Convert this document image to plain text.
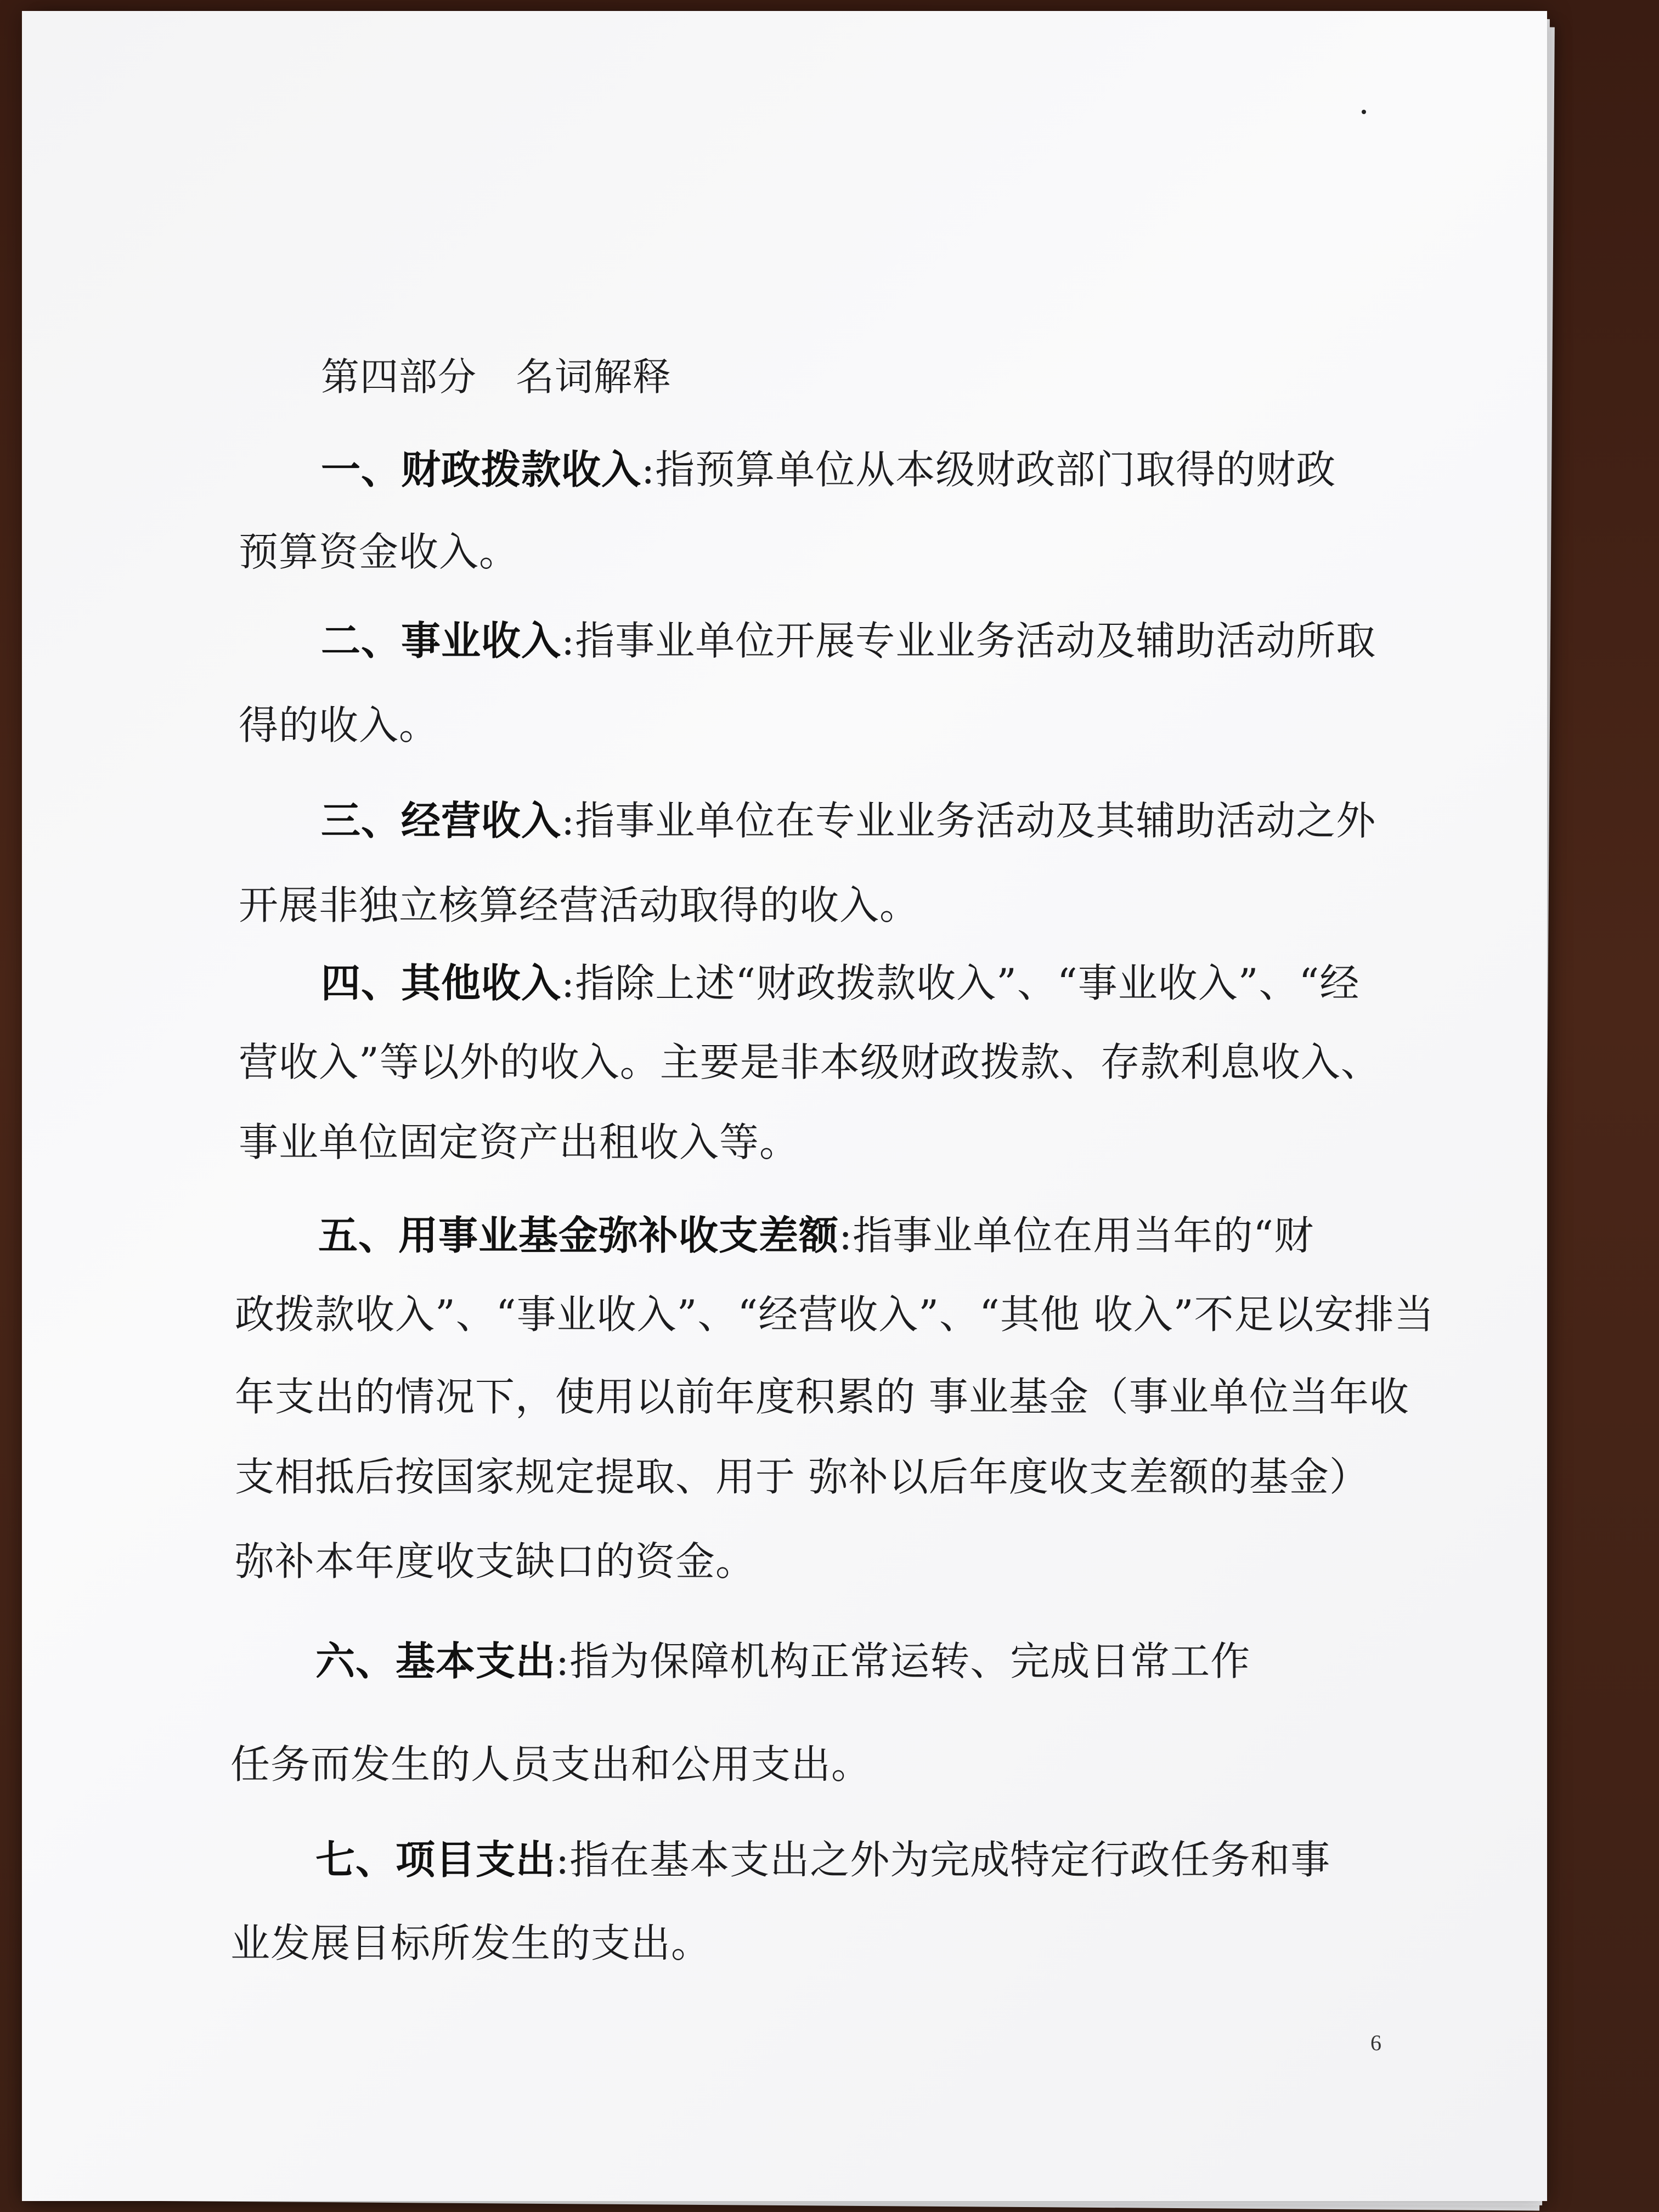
第四部分　名词解释
一、财政拨款收入:指预算单位从本级财政部门取得的财政
预算资金收入。
二、事业收入:指事业单位开展专业业务活动及辅助活动所取
得的收入。
三、经营收入:指事业单位在专业业务活动及其辅助活动之外
开展非独立核算经营活动取得的收入。
四、其他收入:指除上述“财政拨款收入”、“事业收入”、“经
营收入”等以外的收入。主要是非本级财政拨款、存款利息收入、
事业单位固定资产出租收入等。
五、用事业基金弥补收支差额:指事业单位在用当年的“财
政拨款收入”、“事业收入”、“经营收入”、“其他 收入”不足以安排当
年支出的情况下，使用以前年度积累的 事业基金（事业单位当年收
支相抵后按国家规定提取、用于 弥补以后年度收支差额的基金）
弥补本年度收支缺口的资金。
六、基本支出:指为保障机构正常运转、完成日常工作
任务而发生的人员支出和公用支出。
七、项目支出:指在基本支出之外为完成特定行政任务和事
业发展目标所发生的支出。
6
